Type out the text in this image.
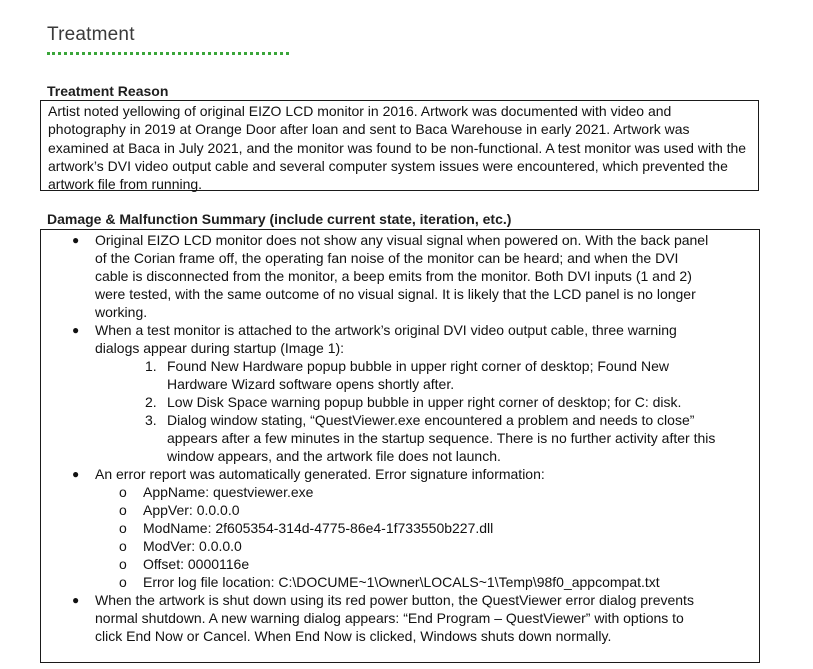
Treatment
Treatment Reason
Artist noted yellowing of original EIZO LCD monitor in 2016. Artwork was documented with video and photography in 2019 at Orange Door after loan and sent to Baca Warehouse in early 2021. Artwork was examined at Baca in July 2021, and the monitor was found to be non-functional. A test monitor was used with the artwork’s DVI video output cable and several computer system issues were encountered, which prevented the artwork file from running.
Damage & Malfunction Summary (include current state, iteration, etc.)
● Original EIZO LCD monitor does not show any visual signal when powered on. With the back panel
of the Corian frame off, the operating fan noise of the monitor can be heard; and when the DVI
cable is disconnected from the monitor, a beep emits from the monitor. Both DVI inputs (1 and 2)
were tested, with the same outcome of no visual signal. It is likely that the LCD panel is no longer
working.
● When a test monitor is attached to the artwork’s original DVI video output cable, three warning
dialogs appear during startup (Image 1):
1. Found New Hardware popup bubble in upper right corner of desktop; Found New
Hardware Wizard software opens shortly after.
2. Low Disk Space warning popup bubble in upper right corner of desktop; for C: disk.
3. Dialog window stating, “QuestViewer.exe encountered a problem and needs to close”
appears after a few minutes in the startup sequence. There is no further activity after this
window appears, and the artwork file does not launch.
● An error report was automatically generated. Error signature information:
o AppName: questviewer.exe
o AppVer: 0.0.0.0
o ModName: 2f605354-314d-4775-86e4-1f733550b227.dll
o ModVer: 0.0.0.0
o Offset: 0000116e
o Error log file location: C:\DOCUME~1\Owner\LOCALS~1\Temp\98f0_appcompat.txt
● When the artwork is shut down using its red power button, the QuestViewer error dialog prevents
normal shutdown. A new warning dialog appears: “End Program – QuestViewer” with options to
click End Now or Cancel. When End Now is clicked, Windows shuts down normally.
